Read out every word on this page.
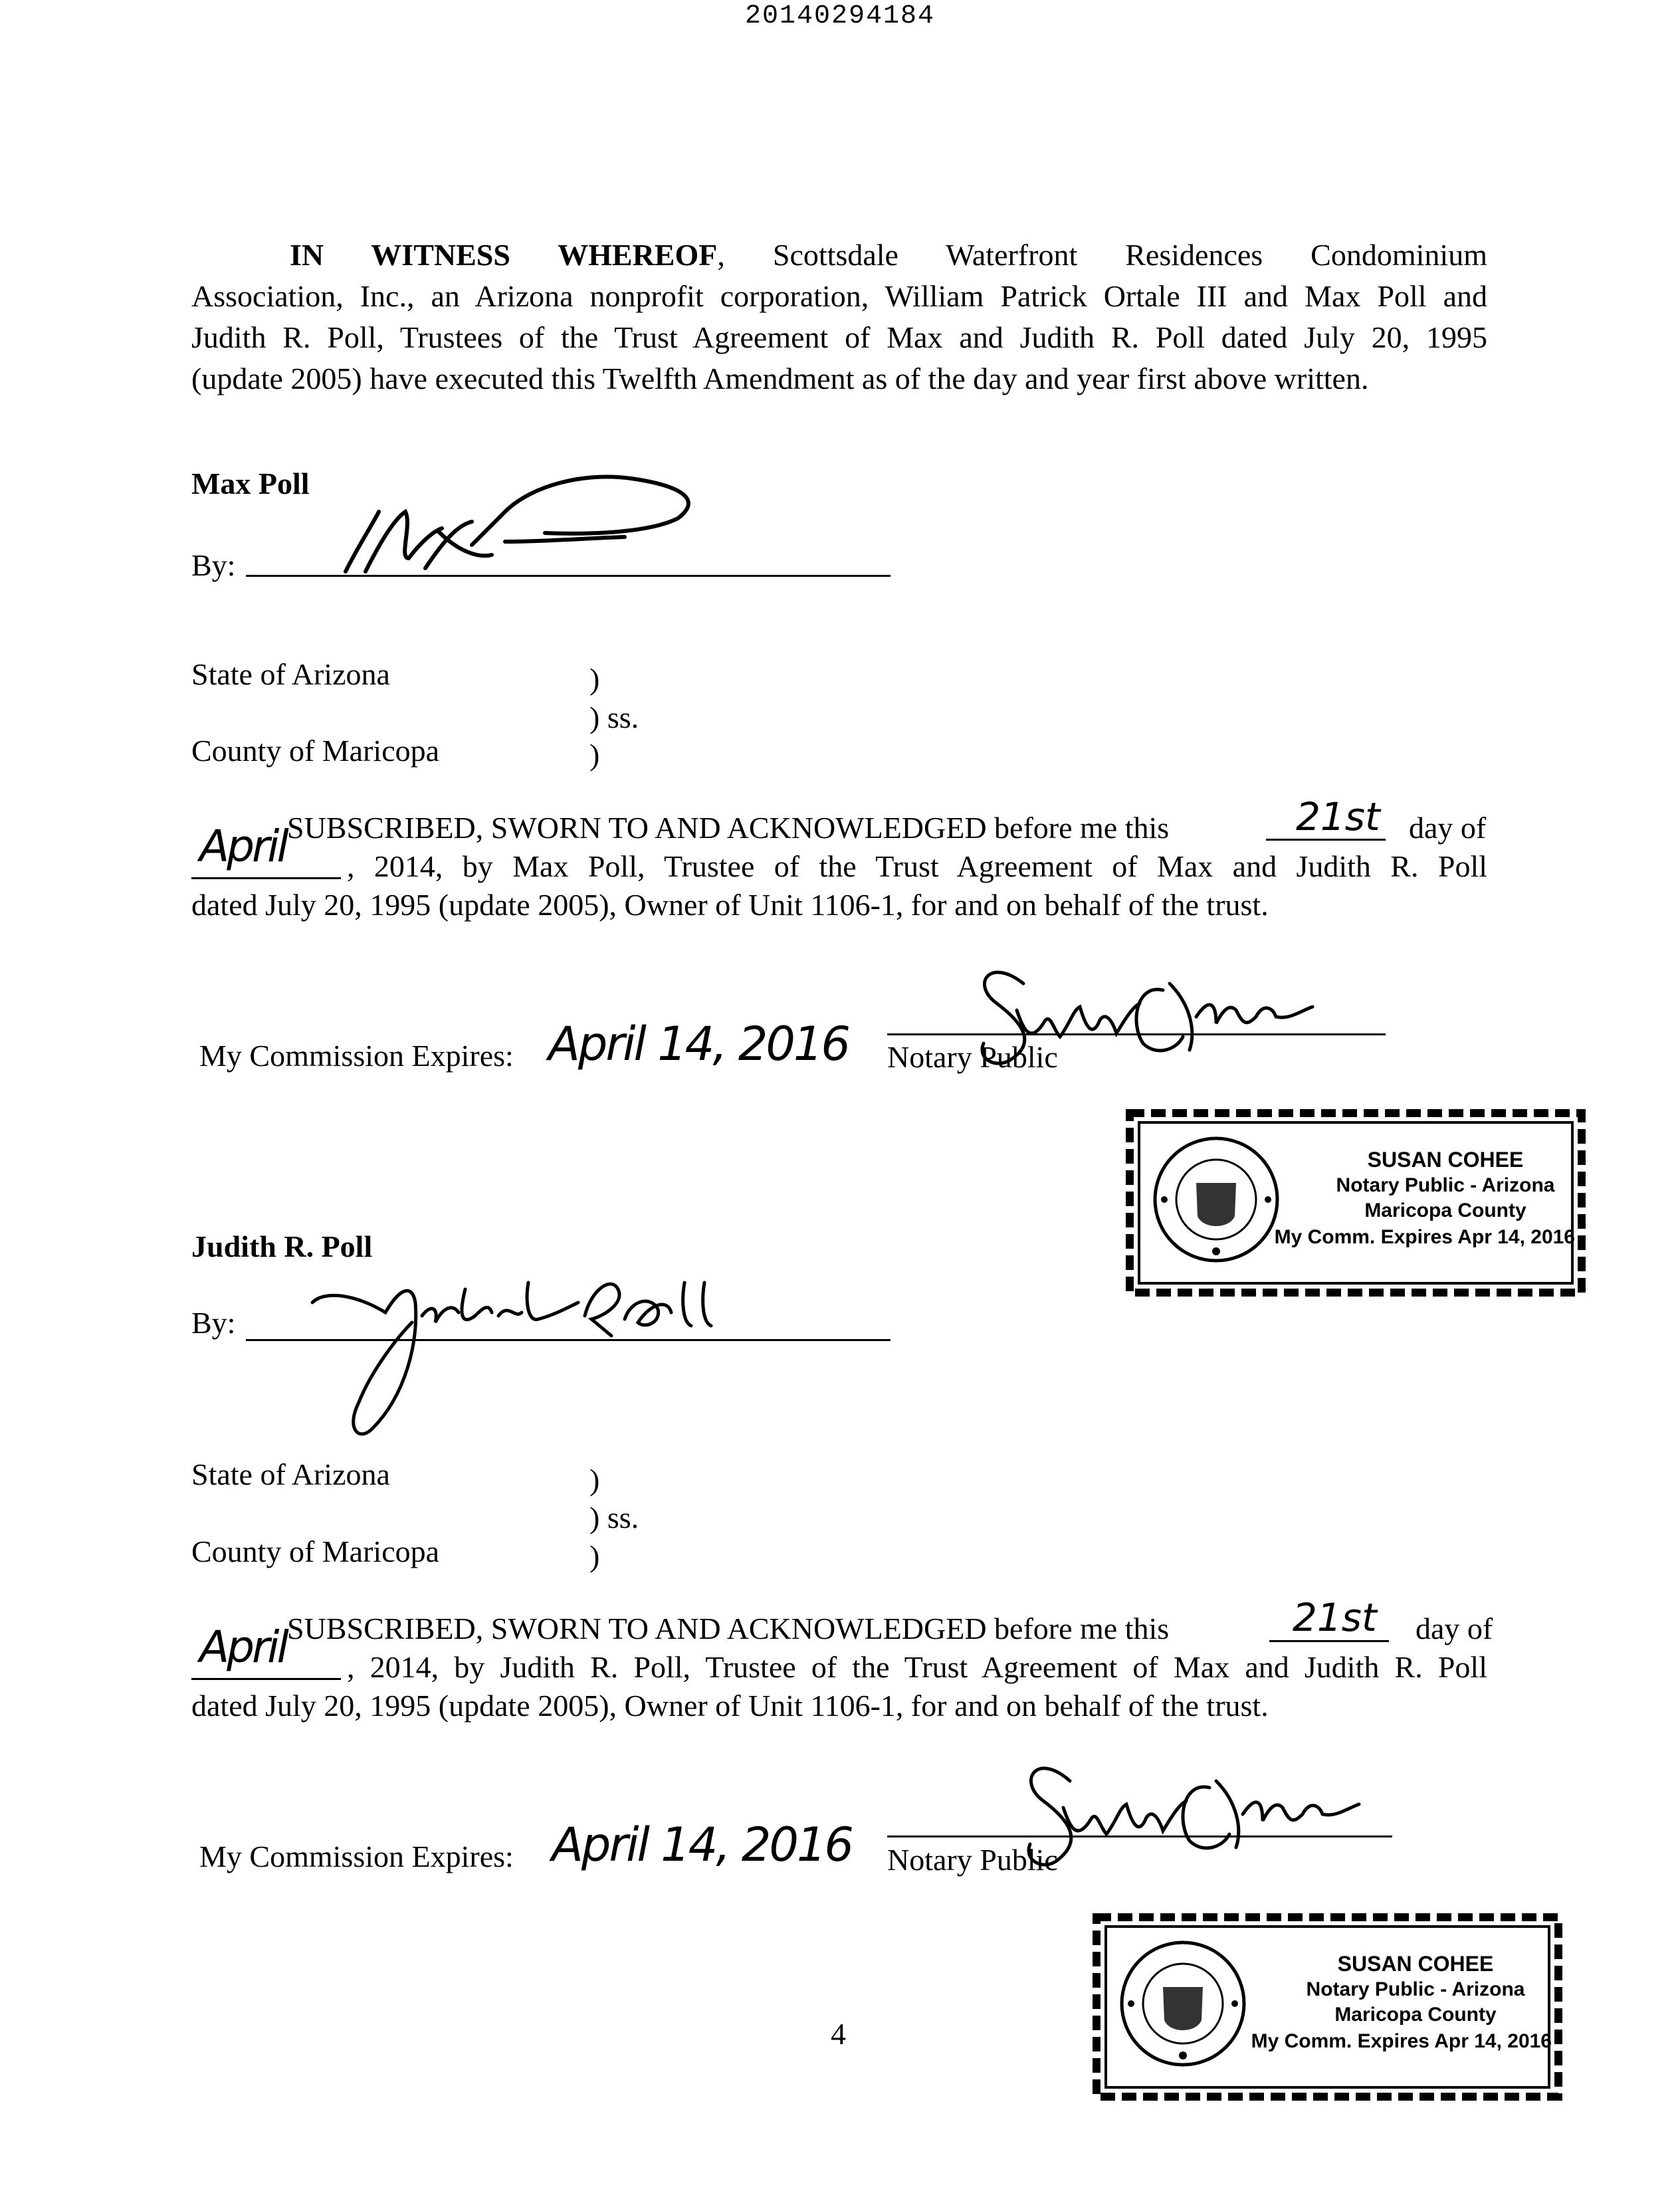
20140294184
IN WITNESS WHEREOF, Scottsdale Waterfront Residences Condominium
Association, Inc., an Arizona nonprofit corporation, William Patrick Ortale III and Max Poll and
Judith R. Poll, Trustees of the Trust Agreement of Max and Judith R. Poll dated July 20, 1995
(update 2005) have executed this Twelfth Amendment as of the day and year first above written.
Max Poll
By:
State of Arizona	)
) ss.
County of Maricopa	)
SUBSCRIBED, SWORN TO AND ACKNOWLEDGED before me this	21st day of
April , 2014, by Max Poll, Trustee of the Trust Agreement of Max and Judith R. Poll
dated July 20, 1995 (update 2005), Owner of Unit 1106-1, for and on behalf of the trust.
My Commission Expires: April 14, 2016 Notary Public
SUSAN COHEE
Notary Public - Arizona
Maricopa County
My Comm. Expires Apr 14, 2016
Judith R. Poll
By:
State of Arizona	)
) ss.
County of Maricopa	)
SUBSCRIBED, SWORN TO AND ACKNOWLEDGED before me this	21st day of
April , 2014, by Judith R. Poll, Trustee of the Trust Agreement of Max and Judith R. Poll
dated July 20, 1995 (update 2005), Owner of Unit 1106-1, for and on behalf of the trust.
My Commission Expires: April 14, 2016 Notary Public
SUSAN COHEE
Notary Public - Arizona
Maricopa County
My Comm. Expires Apr 14, 2016
4
